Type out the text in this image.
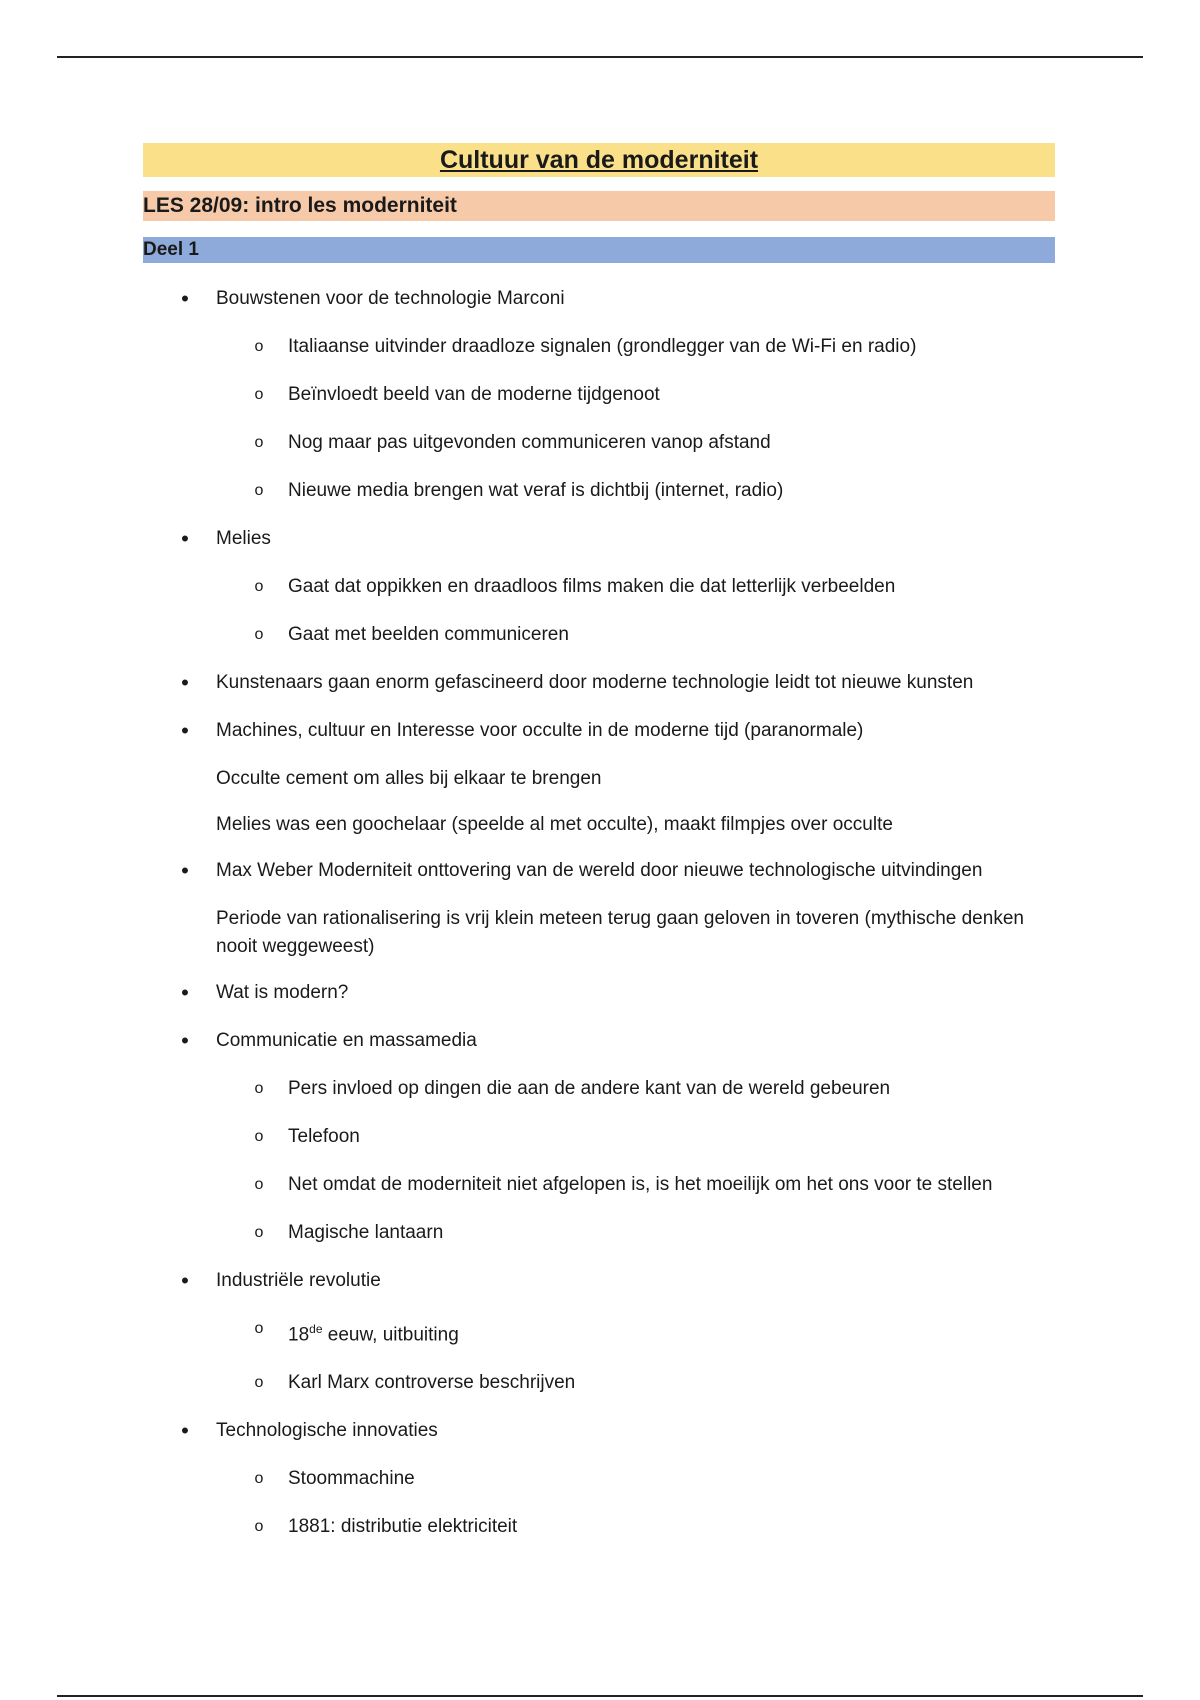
Cultuur van de moderniteit
LES 28/09: intro les moderniteit
Deel 1
•
Bouwstenen voor de technologie Marconi
o
Italiaanse uitvinder draadloze signalen (grondlegger van de Wi-Fi en radio)
o
Beïnvloedt beeld van de moderne tijdgenoot
o
Nog maar pas uitgevonden communiceren vanop afstand
o
Nieuwe media brengen wat veraf is dichtbij (internet, radio)
•
Melies
o
Gaat dat oppikken en draadloos films maken die dat letterlijk verbeelden
o
Gaat met beelden communiceren
•
Kunstenaars gaan enorm gefascineerd door moderne technologie leidt tot nieuwe kunsten
•
Machines, cultuur en Interesse voor occulte in de moderne tijd (paranormale)
Occulte cement om alles bij elkaar te brengen
Melies was een goochelaar (speelde al met occulte), maakt filmpjes over occulte
•
Max Weber Moderniteit onttovering van de wereld door nieuwe technologische uitvindingen
Periode van rationalisering is vrij klein meteen terug gaan geloven in toveren (mythische denken nooit weggeweest)
•
Wat is modern?
•
Communicatie en massamedia
o
Pers invloed op dingen die aan de andere kant van de wereld gebeuren
o
Telefoon
o
Net omdat de moderniteit niet afgelopen is, is het moeilijk om het ons voor te stellen
o
Magische lantaarn
•
Industriële revolutie
o
18de eeuw, uitbuiting
o
Karl Marx controverse beschrijven
•
Technologische innovaties
o
Stoommachine
o
1881: distributie elektriciteit
